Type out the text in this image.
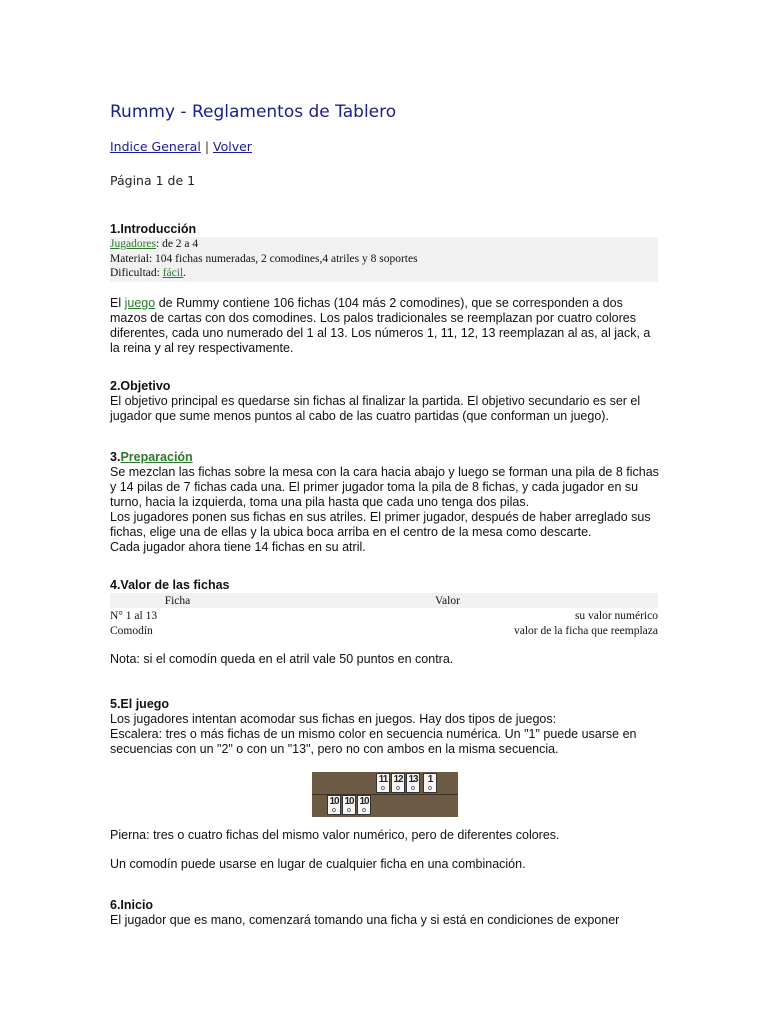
Rummy - Reglamentos de Tablero
Indice General | Volver
Página 1 de 1
1.Introducción
Jugadores: de 2 a 4
Material: 104 fichas numeradas, 2 comodines,4 atriles y 8 soportes
Dificultad: fácil.
El juego de Rummy contiene 106 fichas (104 más 2 comodines), que se corresponden a dos mazos de cartas con dos comodines. Los palos tradicionales se reemplazan por cuatro colores diferentes, cada uno numerado del 1 al 13. Los números 1, 11, 12, 13 reemplazan al as, al jack, a la reina y al rey respectivamente.
2.Objetivo
El objetivo principal es quedarse sin fichas al finalizar la partida. El objetivo secundario es ser el jugador que sume menos puntos al cabo de las cuatro partidas (que conforman un juego).
3.Preparación
Se mezclan las fichas sobre la mesa con la cara hacia abajo y luego se forman una pila de 8 fichas y 14 pilas de 7 fichas cada una. El primer jugador toma la pila de 8 fichas, y cada jugador en su turno, hacia la izquierda, toma una pila hasta que cada uno tenga dos pilas.
Los jugadores ponen sus fichas en sus atriles. El primer jugador, después de haber arreglado sus fichas, elige una de ellas y la ubica boca arriba en el centro de la mesa como descarte.
Cada jugador ahora tiene 14 fichas en su atril.
4.Valor de las fichas
Ficha	Valor
N° 1 al 13	su valor numérico
Comodín	valor de la ficha que reemplaza
Nota: si el comodín queda en el atril vale 50 puntos en contra.
5.El juego
Los jugadores intentan acomodar sus fichas en juegos. Hay dos tipos de juegos:
Escalera: tres o más fichas de un mismo color en secuencia numérica. Un "1" puede usarse en secuencias con un "2" o con un "13", pero no con ambos en la misma secuencia.
11
o
12
o
13
o
1
o
10
o
10
o
10
o
Pierna: tres o cuatro fichas del mismo valor numérico, pero de diferentes colores.
Un comodín puede usarse en lugar de cualquier ficha en una combinación.
6.Inicio
El jugador que es mano, comenzará tomando una ficha y si está en condiciones de exponer
